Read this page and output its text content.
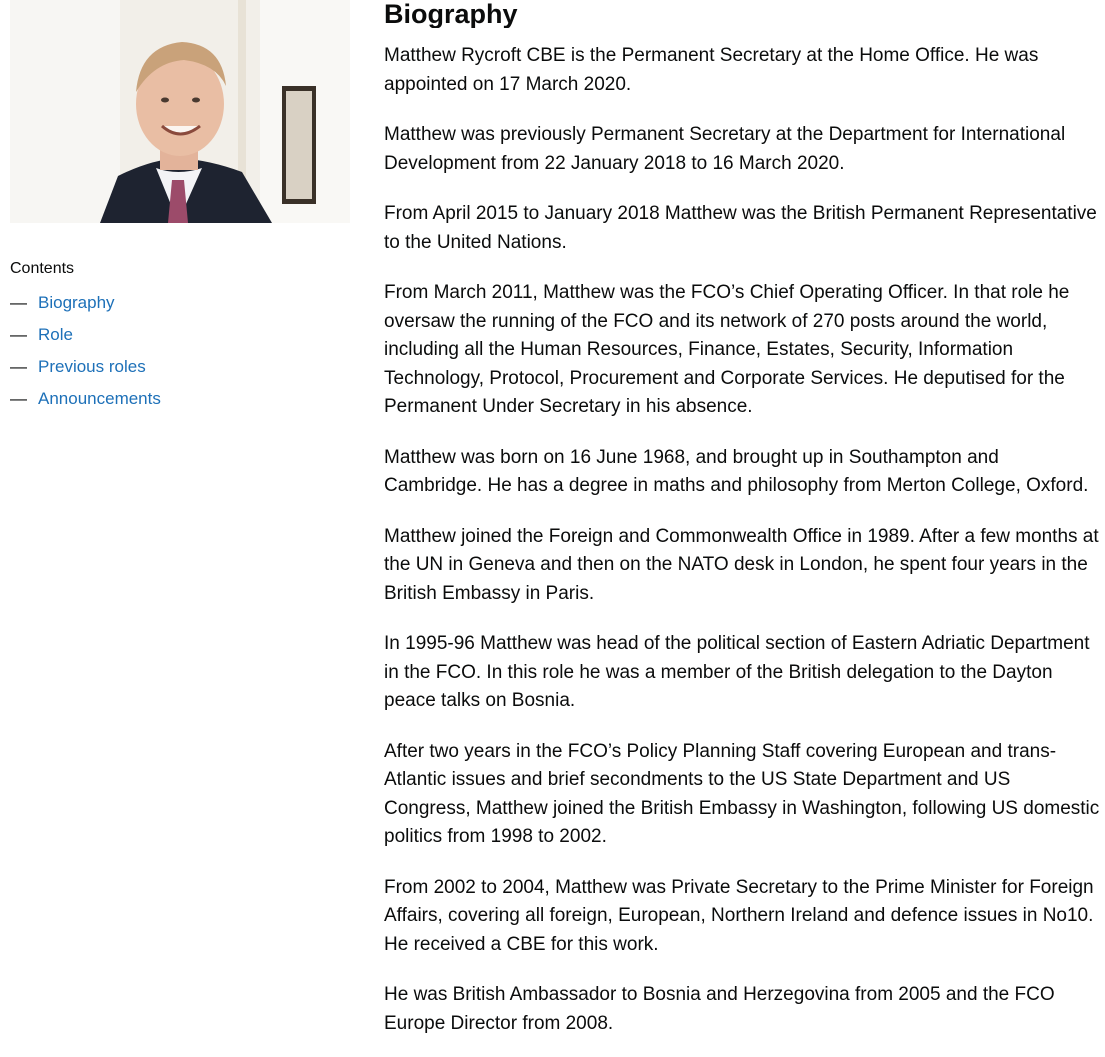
Contents

— Biography
— Role
— Previous roles
— Announcements
Biography

Matthew Rycroft CBE is the Permanent Secretary at the Home Office. He was appointed on 17 March 2020.

Matthew was previously Permanent Secretary at the Department for International Development from 22 January 2018 to 16 March 2020.

From April 2015 to January 2018 Matthew was the British Permanent Representative to the United Nations.

From March 2011, Matthew was the FCO’s Chief Operating Officer. In that role he oversaw the running of the FCO and its network of 270 posts around the world, including all the Human Resources, Finance, Estates, Security, Information Technology, Protocol, Procurement and Corporate Services. He deputised for the Permanent Under Secretary in his absence.

Matthew was born on 16 June 1968, and brought up in Southampton and Cambridge. He has a degree in maths and philosophy from Merton College, Oxford.

Matthew joined the Foreign and Commonwealth Office in 1989. After a few months at the UN in Geneva and then on the NATO desk in London, he spent four years in the British Embassy in Paris.

In 1995-96 Matthew was head of the political section of Eastern Adriatic Department in the FCO. In this role he was a member of the British delegation to the Dayton peace talks on Bosnia.

After two years in the FCO’s Policy Planning Staff covering European and trans-Atlantic issues and brief secondments to the US State Department and US Congress, Matthew joined the British Embassy in Washington, following US domestic politics from 1998 to 2002.

From 2002 to 2004, Matthew was Private Secretary to the Prime Minister for Foreign Affairs, covering all foreign, European, Northern Ireland and defence issues in No10. He received a CBE for this work.

He was British Ambassador to Bosnia and Herzegovina from 2005 and the FCO Europe Director from 2008.
